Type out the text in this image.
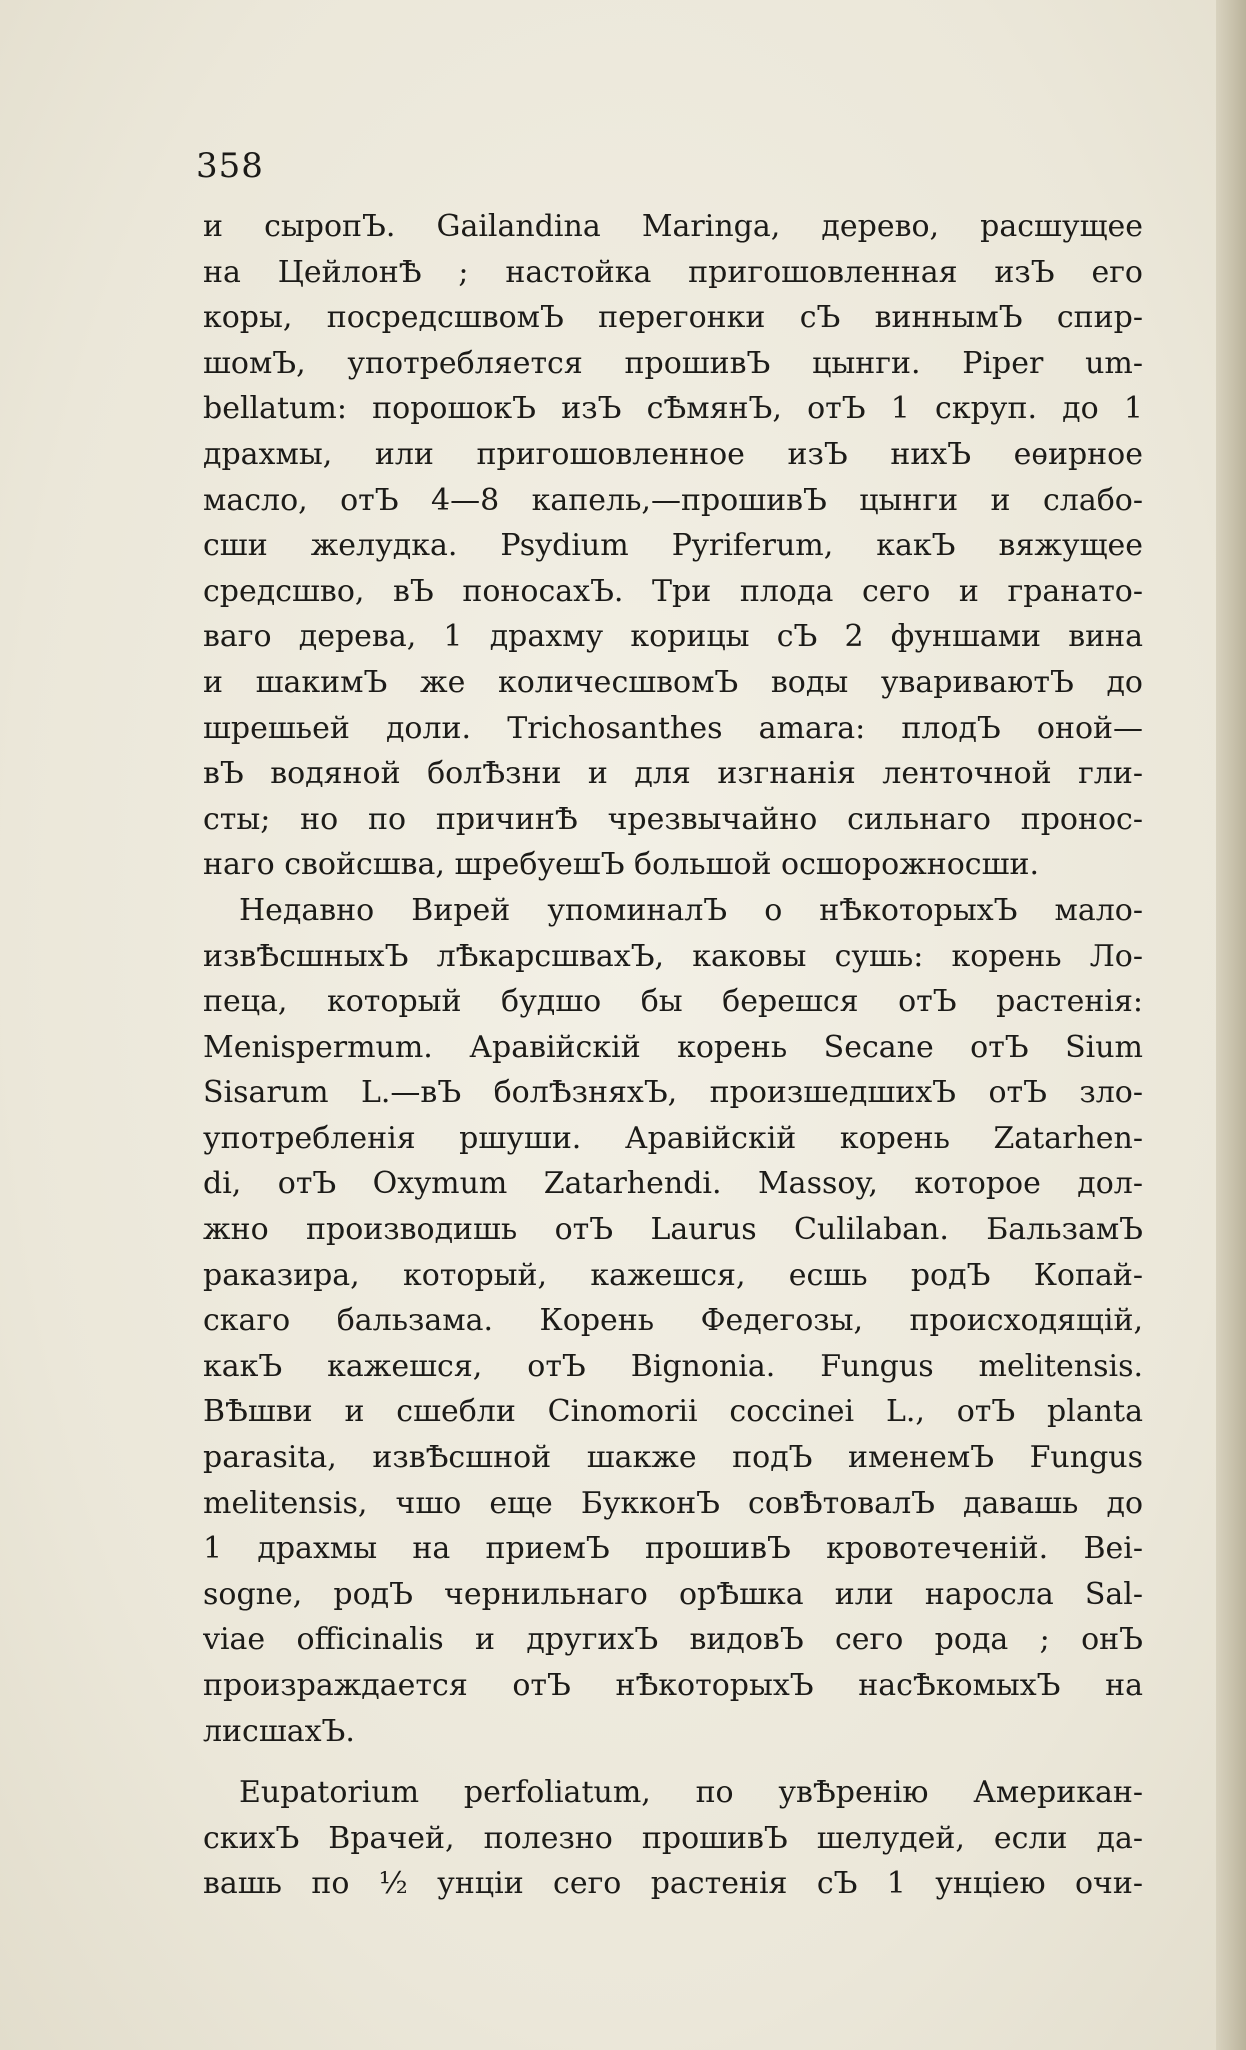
358
и сыропЪ. Gailandina Maringa, дерево, расшущее
на ЦейлонѢ ; настойка пригошовленная изЪ его
коры, посредсшвомЪ перегонки сЪ виннымЪ спир-
шомЪ, употребляется прошивЪ цынги. Piper um-
bellatum: порошокЪ изЪ сѢмянЪ, отЪ 1 скруп. до 1
драхмы, или пригошовленное изЪ нихЪ еѳирное
масло, отЪ 4—8 капель,—прошивЪ цынги и слабо-
сши желудка. Psydium Pyriferum, какЪ вяжущее
средсшво, вЪ поносахЪ. Три плода сего и гранато-
ваго дерева, 1 драхму корицы сЪ 2 фуншами вина
и шакимЪ же количесшвомЪ воды увариваютЪ до
шрешьей доли. Trichosanthes amara: плодЪ оной—
вЪ водяной болѢзни и для изгнанія ленточной гли-
сты; но по причинѢ чрезвычайно сильнаго пронос-
наго свойсшва, шребуешЪ большой осшорожносши.
Недавно Вирей упоминалЪ о нѢкоторыхЪ мало-
извѢсшныхЪ лѢкарсшвахЪ, каковы сушь: корень Ло-
пеца, который будшо бы берешся отЪ растенія:
Menispermum. Аравійскій корень Secane отЪ Sium
Sisarum L.—вЪ болѢзняхЪ, произшедшихЪ отЪ зло-
употребленія ршуши. Аравійскій корень Zatarhen-
di, отЪ Oxymum Zatarhendi. Massoy, которое дол-
жно производишь отЪ Laurus Culilaban. БальзамЪ
раказира, который, кажешся, есшь родЪ Копай-
скаго бальзама. Корень Федегозы, происходящій,
какЪ кажешся, отЪ Bignonia. Fungus melitensis.
ВѢшви и сшебли Cinomorii coccinei L., отЪ planta
parasita, извѢсшной шакже подЪ именемЪ Fungus
melitensis, чшо еще БукконЪ совѢтовалЪ давашь до
1 драхмы на приемЪ прошивЪ кровотеченій. Bei-
sogne, родЪ чернильнаго орѢшка или нарослa Sal-
viae officinalis и другихЪ видовЪ сего рода ; онЪ
произраждается отЪ нѢкоторыхЪ насѢкомыхЪ на
лисшахЪ.
Eupatorium perfoliatum, по увѢренію Американ-
скихЪ Врачей, полезно прошивЪ шелудей, если да-
вашь по ½ унціи сего растенія сЪ 1 унціею очи-
